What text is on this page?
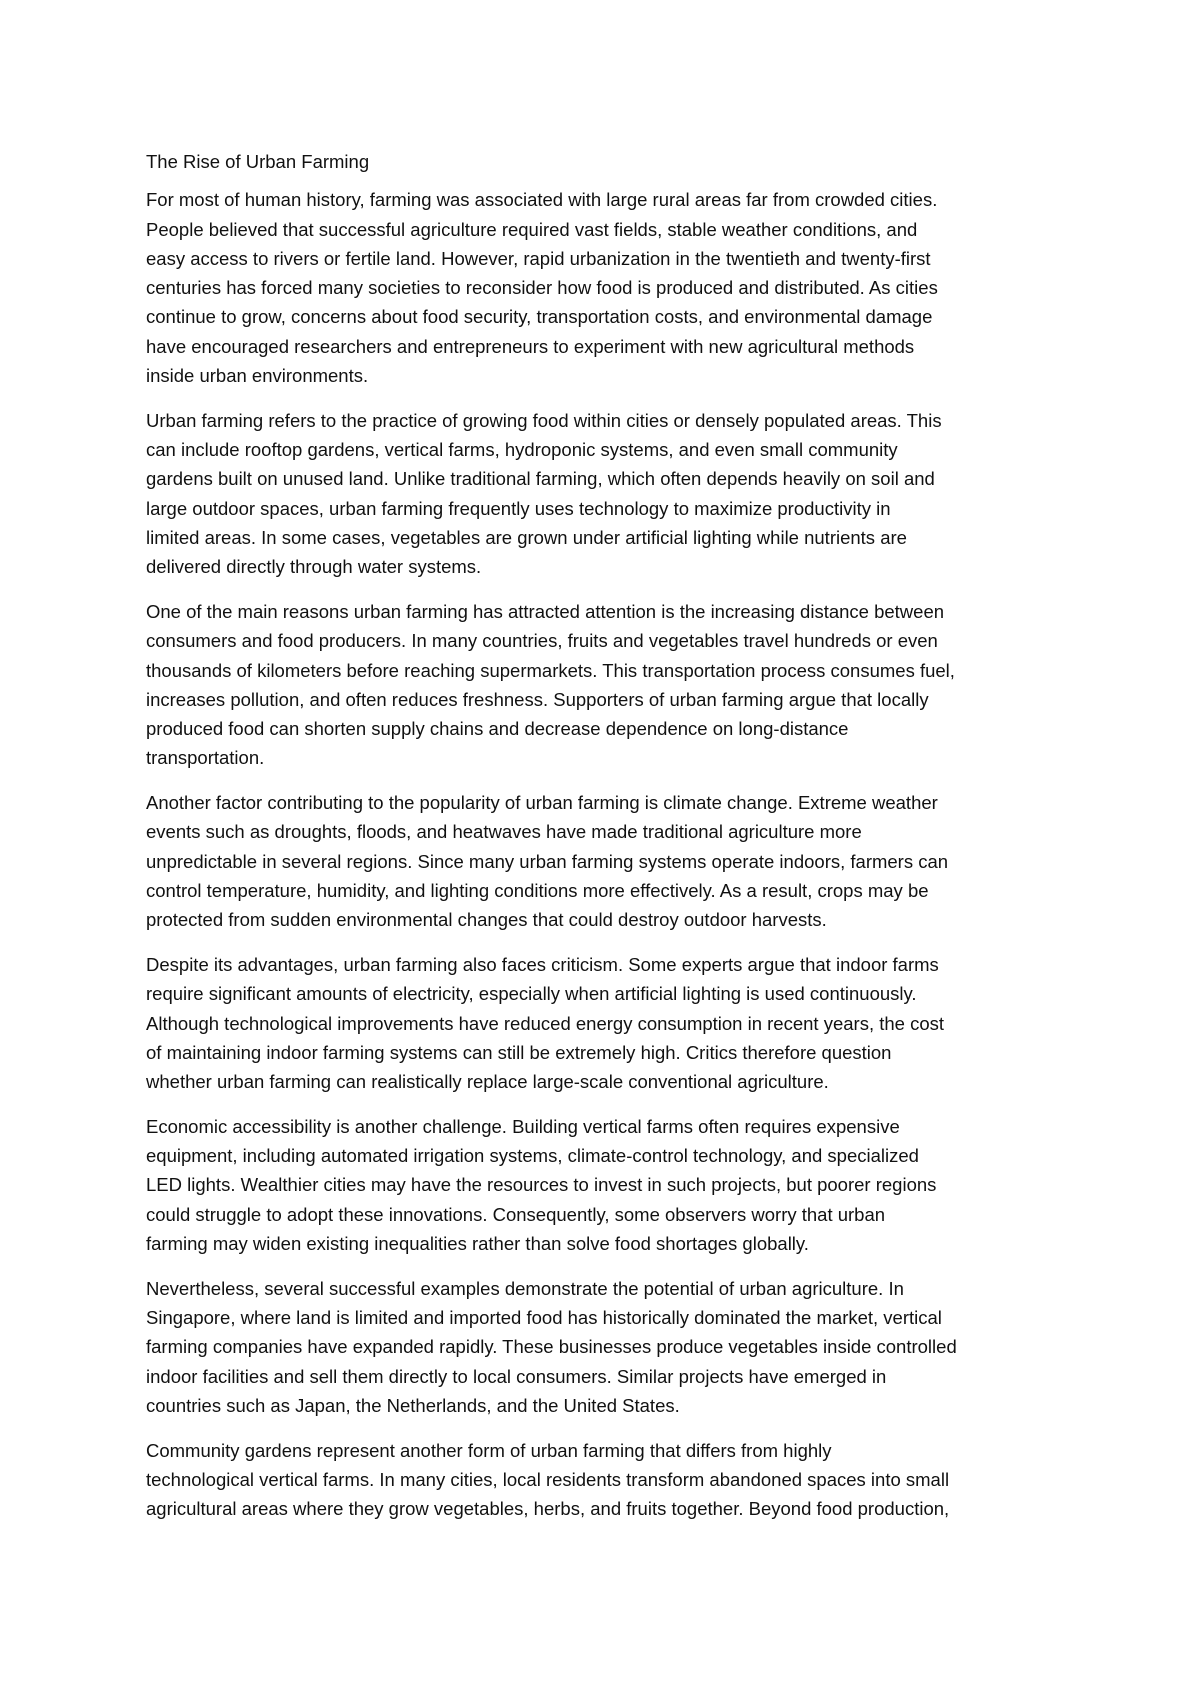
The Rise of Urban Farming

For most of human history, farming was associated with large rural areas far from crowded cities.
People believed that successful agriculture required vast fields, stable weather conditions, and
easy access to rivers or fertile land. However, rapid urbanization in the twentieth and twenty-first
centuries has forced many societies to reconsider how food is produced and distributed. As cities
continue to grow, concerns about food security, transportation costs, and environmental damage
have encouraged researchers and entrepreneurs to experiment with new agricultural methods
inside urban environments.

Urban farming refers to the practice of growing food within cities or densely populated areas. This
can include rooftop gardens, vertical farms, hydroponic systems, and even small community
gardens built on unused land. Unlike traditional farming, which often depends heavily on soil and
large outdoor spaces, urban farming frequently uses technology to maximize productivity in
limited areas. In some cases, vegetables are grown under artificial lighting while nutrients are
delivered directly through water systems.

One of the main reasons urban farming has attracted attention is the increasing distance between
consumers and food producers. In many countries, fruits and vegetables travel hundreds or even
thousands of kilometers before reaching supermarkets. This transportation process consumes fuel,
increases pollution, and often reduces freshness. Supporters of urban farming argue that locally
produced food can shorten supply chains and decrease dependence on long-distance
transportation.

Another factor contributing to the popularity of urban farming is climate change. Extreme weather
events such as droughts, floods, and heatwaves have made traditional agriculture more
unpredictable in several regions. Since many urban farming systems operate indoors, farmers can
control temperature, humidity, and lighting conditions more effectively. As a result, crops may be
protected from sudden environmental changes that could destroy outdoor harvests.

Despite its advantages, urban farming also faces criticism. Some experts argue that indoor farms
require significant amounts of electricity, especially when artificial lighting is used continuously.
Although technological improvements have reduced energy consumption in recent years, the cost
of maintaining indoor farming systems can still be extremely high. Critics therefore question
whether urban farming can realistically replace large-scale conventional agriculture.

Economic accessibility is another challenge. Building vertical farms often requires expensive
equipment, including automated irrigation systems, climate-control technology, and specialized
LED lights. Wealthier cities may have the resources to invest in such projects, but poorer regions
could struggle to adopt these innovations. Consequently, some observers worry that urban
farming may widen existing inequalities rather than solve food shortages globally.

Nevertheless, several successful examples demonstrate the potential of urban agriculture. In
Singapore, where land is limited and imported food has historically dominated the market, vertical
farming companies have expanded rapidly. These businesses produce vegetables inside controlled
indoor facilities and sell them directly to local consumers. Similar projects have emerged in
countries such as Japan, the Netherlands, and the United States.

Community gardens represent another form of urban farming that differs from highly
technological vertical farms. In many cities, local residents transform abandoned spaces into small
agricultural areas where they grow vegetables, herbs, and fruits together. Beyond food production,
